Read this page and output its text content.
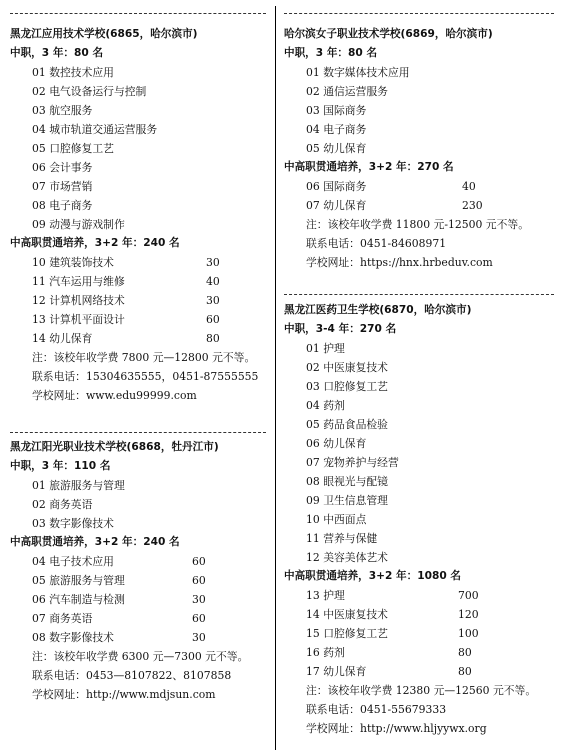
黑龙江应用技术学校(6865，哈尔滨市)
中职，3 年：80 名
01 数控技术应用
02 电气设备运行与控制
03 航空服务
04 城市轨道交通运营服务
05 口腔修复工艺
06 会计事务
07 市场营销
08 电子商务
09 动漫与游戏制作
中高职贯通培养，3+2 年：240 名
10 建筑装饰技术	30
11 汽车运用与维修	40
12 计算机网络技术	30
13 计算机平面设计	60
14 幼儿保育	80
注：该校年收学费 7800 元—12800 元不等。
联系电话：15304635555，0451-87555555
学校网址：www.edu99999.com
黑龙江阳光职业技术学校(6868，牡丹江市)
中职，3 年：110 名
01 旅游服务与管理
02 商务英语
03 数字影像技术
中高职贯通培养，3+2 年：240 名
04 电子技术应用	60
05 旅游服务与管理	60
06 汽车制造与检测	30
07 商务英语	60
08 数字影像技术	30
注：该校年收学费 6300 元—7300 元不等。
联系电话：0453—8107822、8107858
学校网址：http://www.mdjsun.com
哈尔滨女子职业技术学校(6869，哈尔滨市)
中职，3 年：80 名
01 数字媒体技术应用
02 通信运营服务
03 国际商务
04 电子商务
05 幼儿保育
中高职贯通培养，3+2 年：270 名
06 国际商务	40
07 幼儿保育	230
注：该校年收学费 11800 元-12500 元不等。
联系电话：0451-84608971
学校网址：https://hnx.hrbeduv.com
黑龙江医药卫生学校(6870，哈尔滨市)
中职，3-4 年：270 名
01 护理
02 中医康复技术
03 口腔修复工艺
04 药剂
05 药品食品检验
06 幼儿保育
07 宠物养护与经营
08 眼视光与配镜
09 卫生信息管理
10 中西面点
11 营养与保健
12 美容美体艺术
中高职贯通培养，3+2 年：1080 名
13 护理	700
14 中医康复技术	120
15 口腔修复工艺	100
16 药剂	80
17 幼儿保育	80
注：该校年收学费 12380 元—12560 元不等。
联系电话：0451-55679333
学校网址：http://www.hljyywx.org
